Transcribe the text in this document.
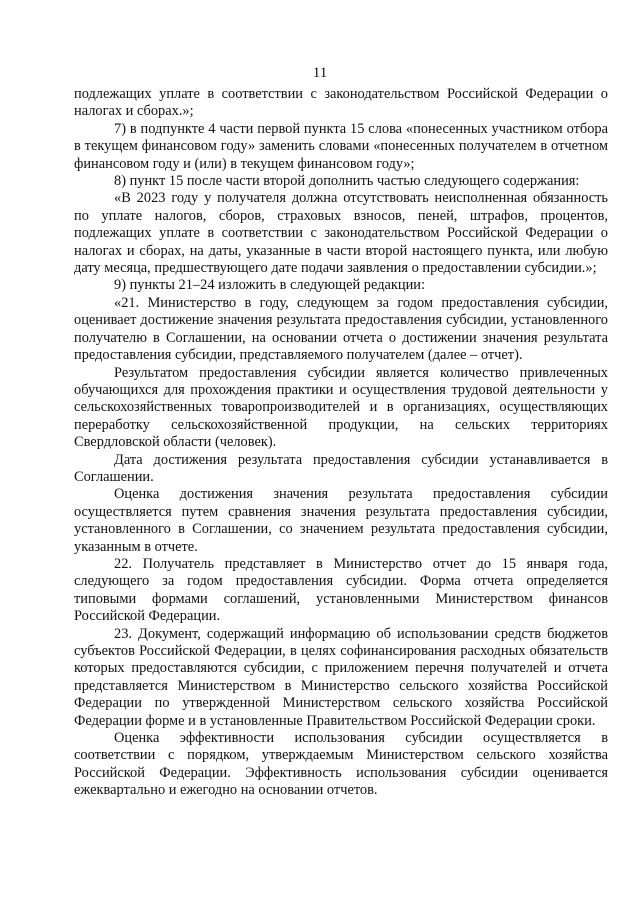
11

подлежащих уплате в соответствии с законодательством Российской Федерации о налогах и сборах.»;

7) в подпункте 4 части первой пункта 15 слова «понесенных участником отбора в текущем финансовом году» заменить словами «понесенных получателем в отчетном финансовом году и (или) в текущем финансовом году»;

8) пункт 15 после части второй дополнить частью следующего содержания:

«В 2023 году у получателя должна отсутствовать неисполненная обязанность по уплате налогов, сборов, страховых взносов, пеней, штрафов, процентов, подлежащих уплате в соответствии с законодательством Российской Федерации о налогах и сборах, на даты, указанные в части второй настоящего пункта, или любую дату месяца, предшествующего дате подачи заявления о предоставлении субсидии.»;

9) пункты 21–24 изложить в следующей редакции:

«21. Министерство в году, следующем за годом предоставления субсидии, оценивает достижение значения результата предоставления субсидии, установленного получателю в Соглашении, на основании отчета о достижении значения результата предоставления субсидии, представляемого получателем (далее – отчет).

Результатом предоставления субсидии является количество привлеченных обучающихся для прохождения практики и осуществления трудовой деятельности у сельскохозяйственных товаропроизводителей и в организациях, осуществляющих переработку сельскохозяйственной продукции, на сельских территориях Свердловской области (человек).

Дата достижения результата предоставления субсидии устанавливается в Соглашении.

Оценка достижения значения результата предоставления субсидии осуществляется путем сравнения значения результата предоставления субсидии, установленного в Соглашении, со значением результата предоставления субсидии, указанным в отчете.

22. Получатель представляет в Министерство отчет до 15 января года, следующего за годом предоставления субсидии. Форма отчета определяется типовыми формами соглашений, установленными Министерством финансов Российской Федерации.

23. Документ, содержащий информацию об использовании средств бюджетов субъектов Российской Федерации, в целях софинансирования расходных обязательств которых предоставляются субсидии, с приложением перечня получателей и отчета представляется Министерством в Министерство сельского хозяйства Российской Федерации по утвержденной Министерством сельского хозяйства Российской Федерации форме и в установленные Правительством Российской Федерации сроки.

Оценка эффективности использования субсидии осуществляется в соответствии с порядком, утверждаемым Министерством сельского хозяйства Российской Федерации. Эффективность использования субсидии оценивается ежеквартально и ежегодно на основании отчетов.
